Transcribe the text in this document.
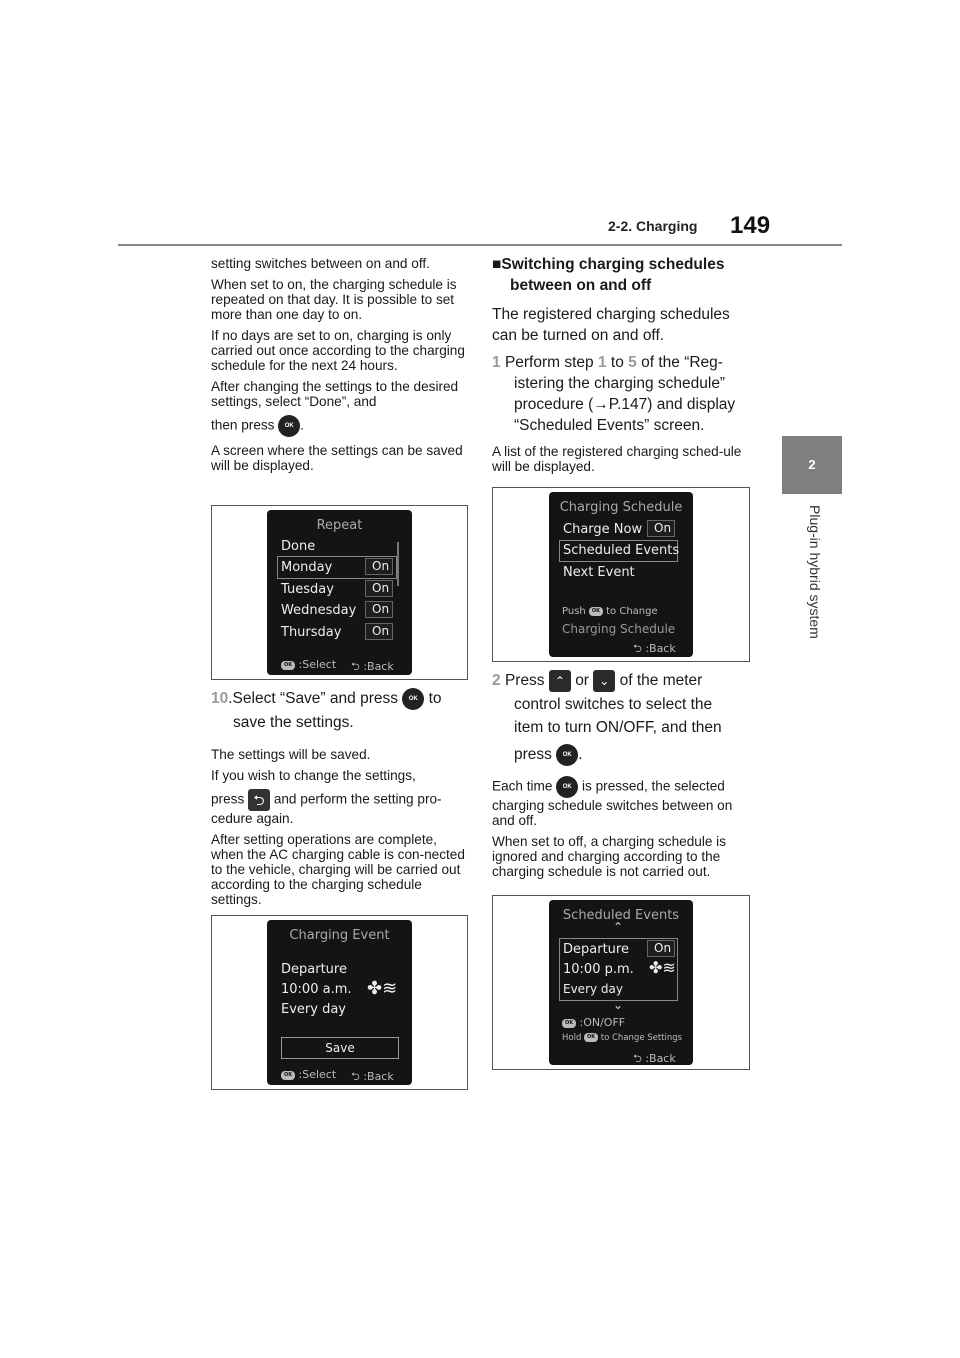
2-2. Charging 149
2
Plug-in hybrid system

setting switches between on and off.

When set to on, the charging schedule is repeated on that day. It is possible to set more than one day to on.

If no days are set to on, charging is only carried out once according to the charging schedule for the next 24 hours.

After changing the settings to the desired settings, select “Done”, and

then press OK .

A screen where the settings can be saved will be displayed.

Repeat
Done
Monday	On
Tuesday	On
Wednesday	On
Thursday	On
OK :Select ⮌ :Back
10.Select “Save” and press OK to
save the settings.

The settings will be saved.

If you wish to change the settings,

press ⮌ and perform the setting pro-
cedure again.

After setting operations are complete, when the AC charging cable is con-nected to the vehicle, charging will be carried out according to the charging schedule settings.

Charging Event
Departure
10:00 a.m.
Every day
✤≋
Save
OK :Select ⮌ :Back
■Switching charging schedules
between on and off
The registered charging schedules can be turned on and off.
1 Perform step 1 to 5 of the “Reg-
istering the charging schedule”
procedure (→P.147) and display
“Scheduled Events” screen.

A list of the registered charging sched-ule will be displayed.

Charging Schedule
Charge Now On
Scheduled Events
Next Event
Push OK to Change
Charging Schedule
⮌ :Back
2 Press ⌃ or ⌄ of the meter
control switches to select the
item to turn ON/OFF, and then
press OK .

Each time OK is pressed, the selected
charging schedule switches between on and off.

When set to off, a charging schedule is ignored and charging according to the charging schedule is not carried out.

Scheduled Events
⌃
Departure	On
10:00 p.m. ✤≋
Every day
⌄
OK :ON/OFF
Hold OK to Change Settings
⮌ :Back
